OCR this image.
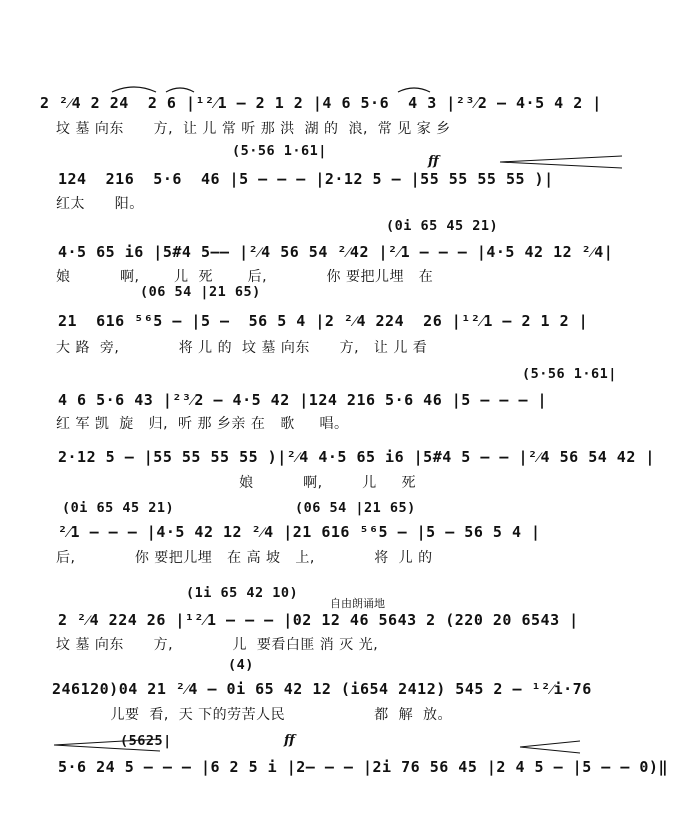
2 ²⁄4 2 24  2 6 |¹²⁄1 – 2 1 2 |4 6 5·6  4 3 |²³⁄2 – 4·5 4 2 |
坟 墓 向东      方,  让 儿 常 听 那 洪  湖 的  浪,  常 见 家 乡
(5·56 1·61|
ff
124  216  5·6  46 |5 – – – |2·12 5 – |55 55 55 55 )|
红太      阳。
(0i 65 45 21)
4·5 65 i6 |5#4 5–– |²⁄4 56 54 ²⁄42 |²⁄1 – – – |4·5 42 12 ²⁄4|
娘          啊,       儿  死       后,            你 要把儿埋   在
(06 54 |21 65)
21  616 ⁵⁶5 – |5 –  56 5 4 |2 ²⁄4 224  26 |¹²⁄1 – 2 1 2 |
大 路  旁,            将 儿 的  坟 墓 向东      方,   让 儿 看
(5·56 1·61|
4 6 5·6 43 |²³⁄2 – 4·5 42 |124 216 5·6 46 |5 – – – |
红 军 凯  旋   归,  听 那 乡亲 在   歌     唱。
2·12 5 – |55 55 55 55 )|²⁄4 4·5 65 i6 |5#4 5 – – |²⁄4 56 54 42 |
娘          啊,        儿     死
(0i 65 45 21)              (06 54 |21 65)
²⁄1 – – – |4·5 42 12 ²⁄4 |21 616 ⁵⁶5 – |5 – 56 5 4 |
后,            你 要把儿埋   在 高 坡   上,            将  儿 的
(1i 65 42 10)
自由朗诵地
2 ²⁄4 224 26 |¹²⁄1 – – – |02 12 46 5643 2 (220 20 6543 |
坟 墓 向东      方,            儿  要看白匪 消 灭 光,
(4)
246120)04 21 ²⁄4 – 0i 65 42 12 (i654 2412) 545 2 – ¹²⁄i·76
儿要  看,  天 下的劳苦人民                  都  解  放。
(5625|	ff
5·6 24 5 – – – |6 2 5 i |2– – – |2i 76 56 45 |2 4 5 – |5 – – 0)‖
